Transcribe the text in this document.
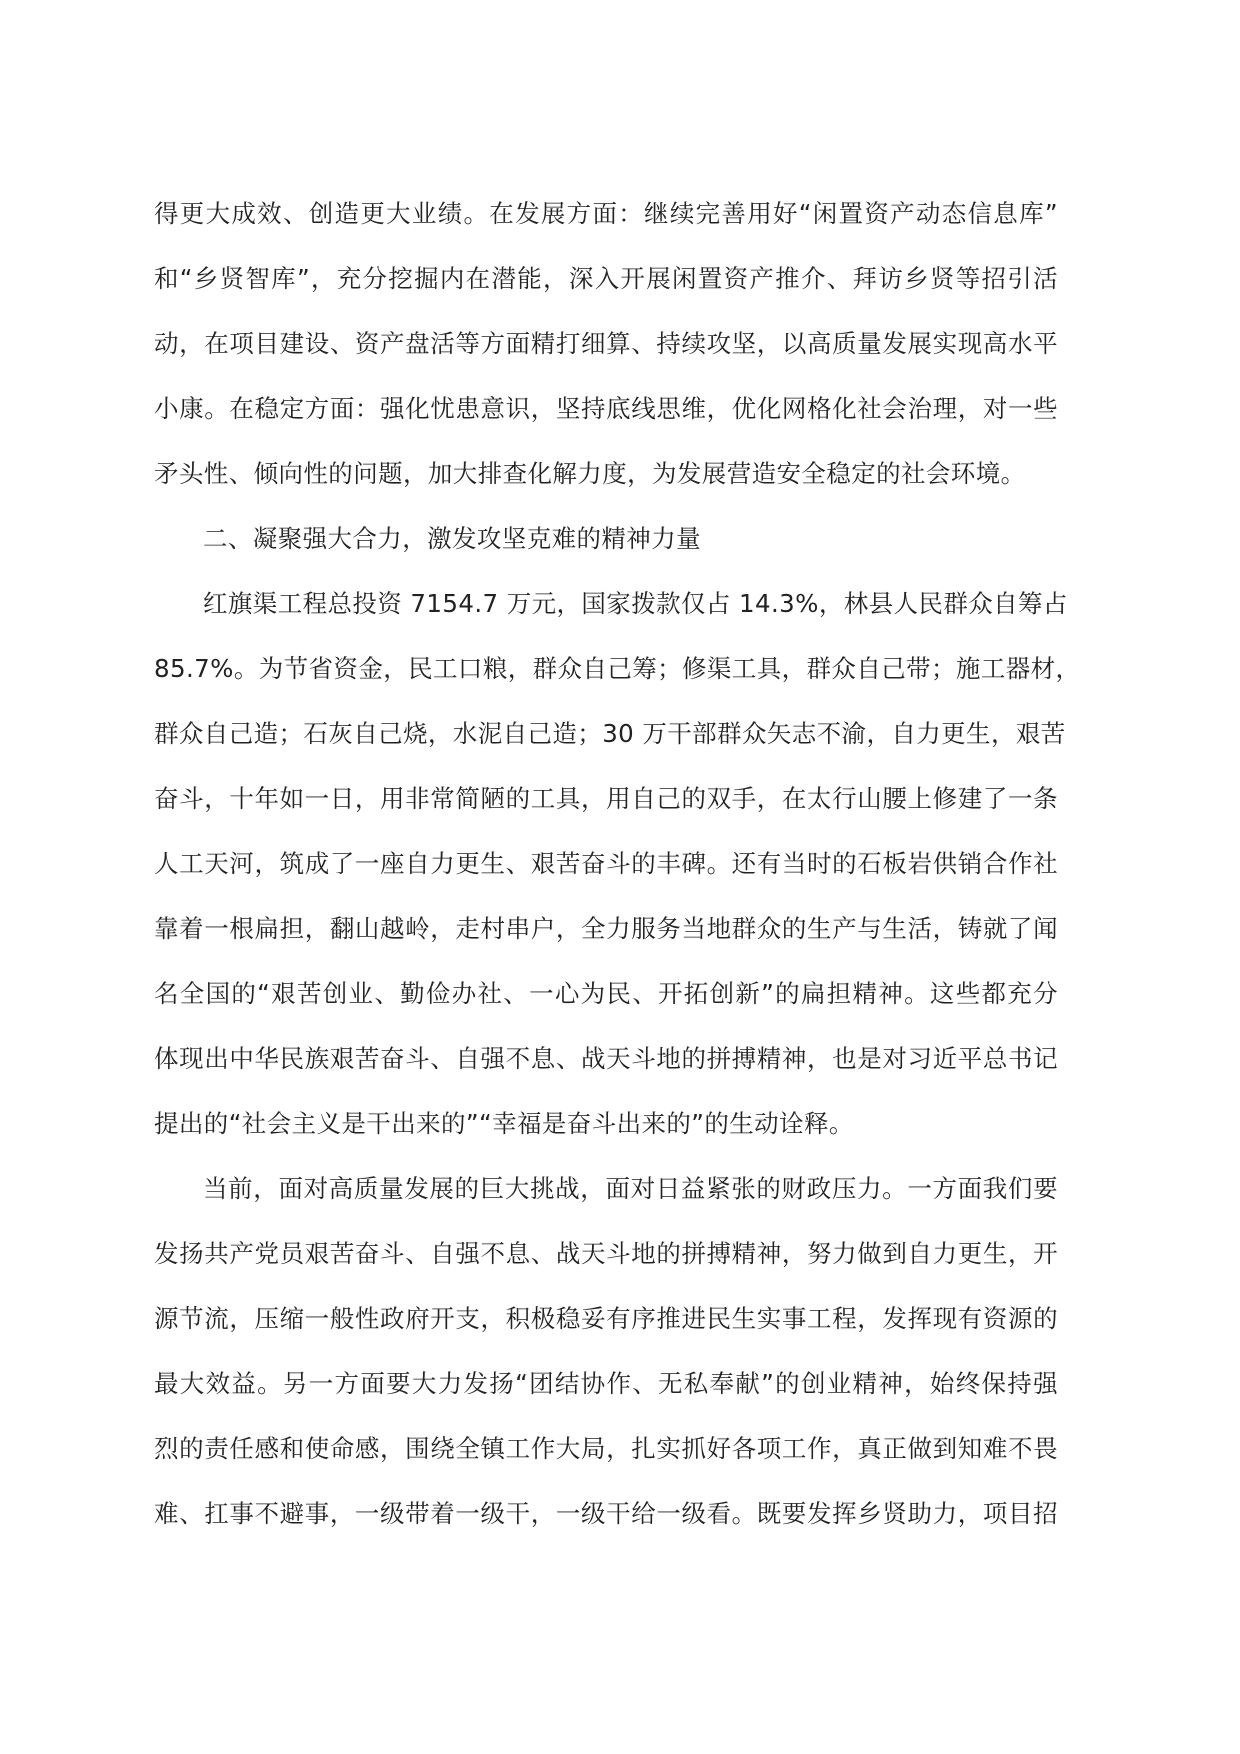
得更大成效、创造更大业绩。在发展方面：继续完善用好“闲置资产动态信息库”
和“乡贤智库”，充分挖掘内在潜能，深入开展闲置资产推介、拜访乡贤等招引活
动，在项目建设、资产盘活等方面精打细算、持续攻坚，以高质量发展实现高水平
小康。在稳定方面：强化忧患意识，坚持底线思维，优化网格化社会治理，对一些
矛头性、倾向性的问题，加大排查化解力度，为发展营造安全稳定的社会环境。
二、凝聚强大合力，激发攻坚克难的精神力量
红旗渠工程总投资 7154.7 万元，国家拨款仅占 14.3%，林县人民群众自筹占
85.7%。为节省资金，民工口粮，群众自己筹；修渠工具，群众自己带；施工器材，
群众自己造；石灰自己烧，水泥自己造；30 万干部群众矢志不渝，自力更生，艰苦
奋斗，十年如一日，用非常简陋的工具，用自己的双手，在太行山腰上修建了一条
人工天河，筑成了一座自力更生、艰苦奋斗的丰碑。还有当时的石板岩供销合作社
靠着一根扁担，翻山越岭，走村串户，全力服务当地群众的生产与生活，铸就了闻
名全国的“艰苦创业、勤俭办社、一心为民、开拓创新”的扁担精神。这些都充分
体现出中华民族艰苦奋斗、自强不息、战天斗地的拼搏精神，也是对习近平总书记
提出的“社会主义是干出来的”“幸福是奋斗出来的”的生动诠释。
当前，面对高质量发展的巨大挑战，面对日益紧张的财政压力。一方面我们要
发扬共产党员艰苦奋斗、自强不息、战天斗地的拼搏精神，努力做到自力更生，开
源节流，压缩一般性政府开支，积极稳妥有序推进民生实事工程，发挥现有资源的
最大效益。另一方面要大力发扬“团结协作、无私奉献”的创业精神，始终保持强
烈的责任感和使命感，围绕全镇工作大局，扎实抓好各项工作，真正做到知难不畏
难、扛事不避事，一级带着一级干，一级干给一级看。既要发挥乡贤助力，项目招
